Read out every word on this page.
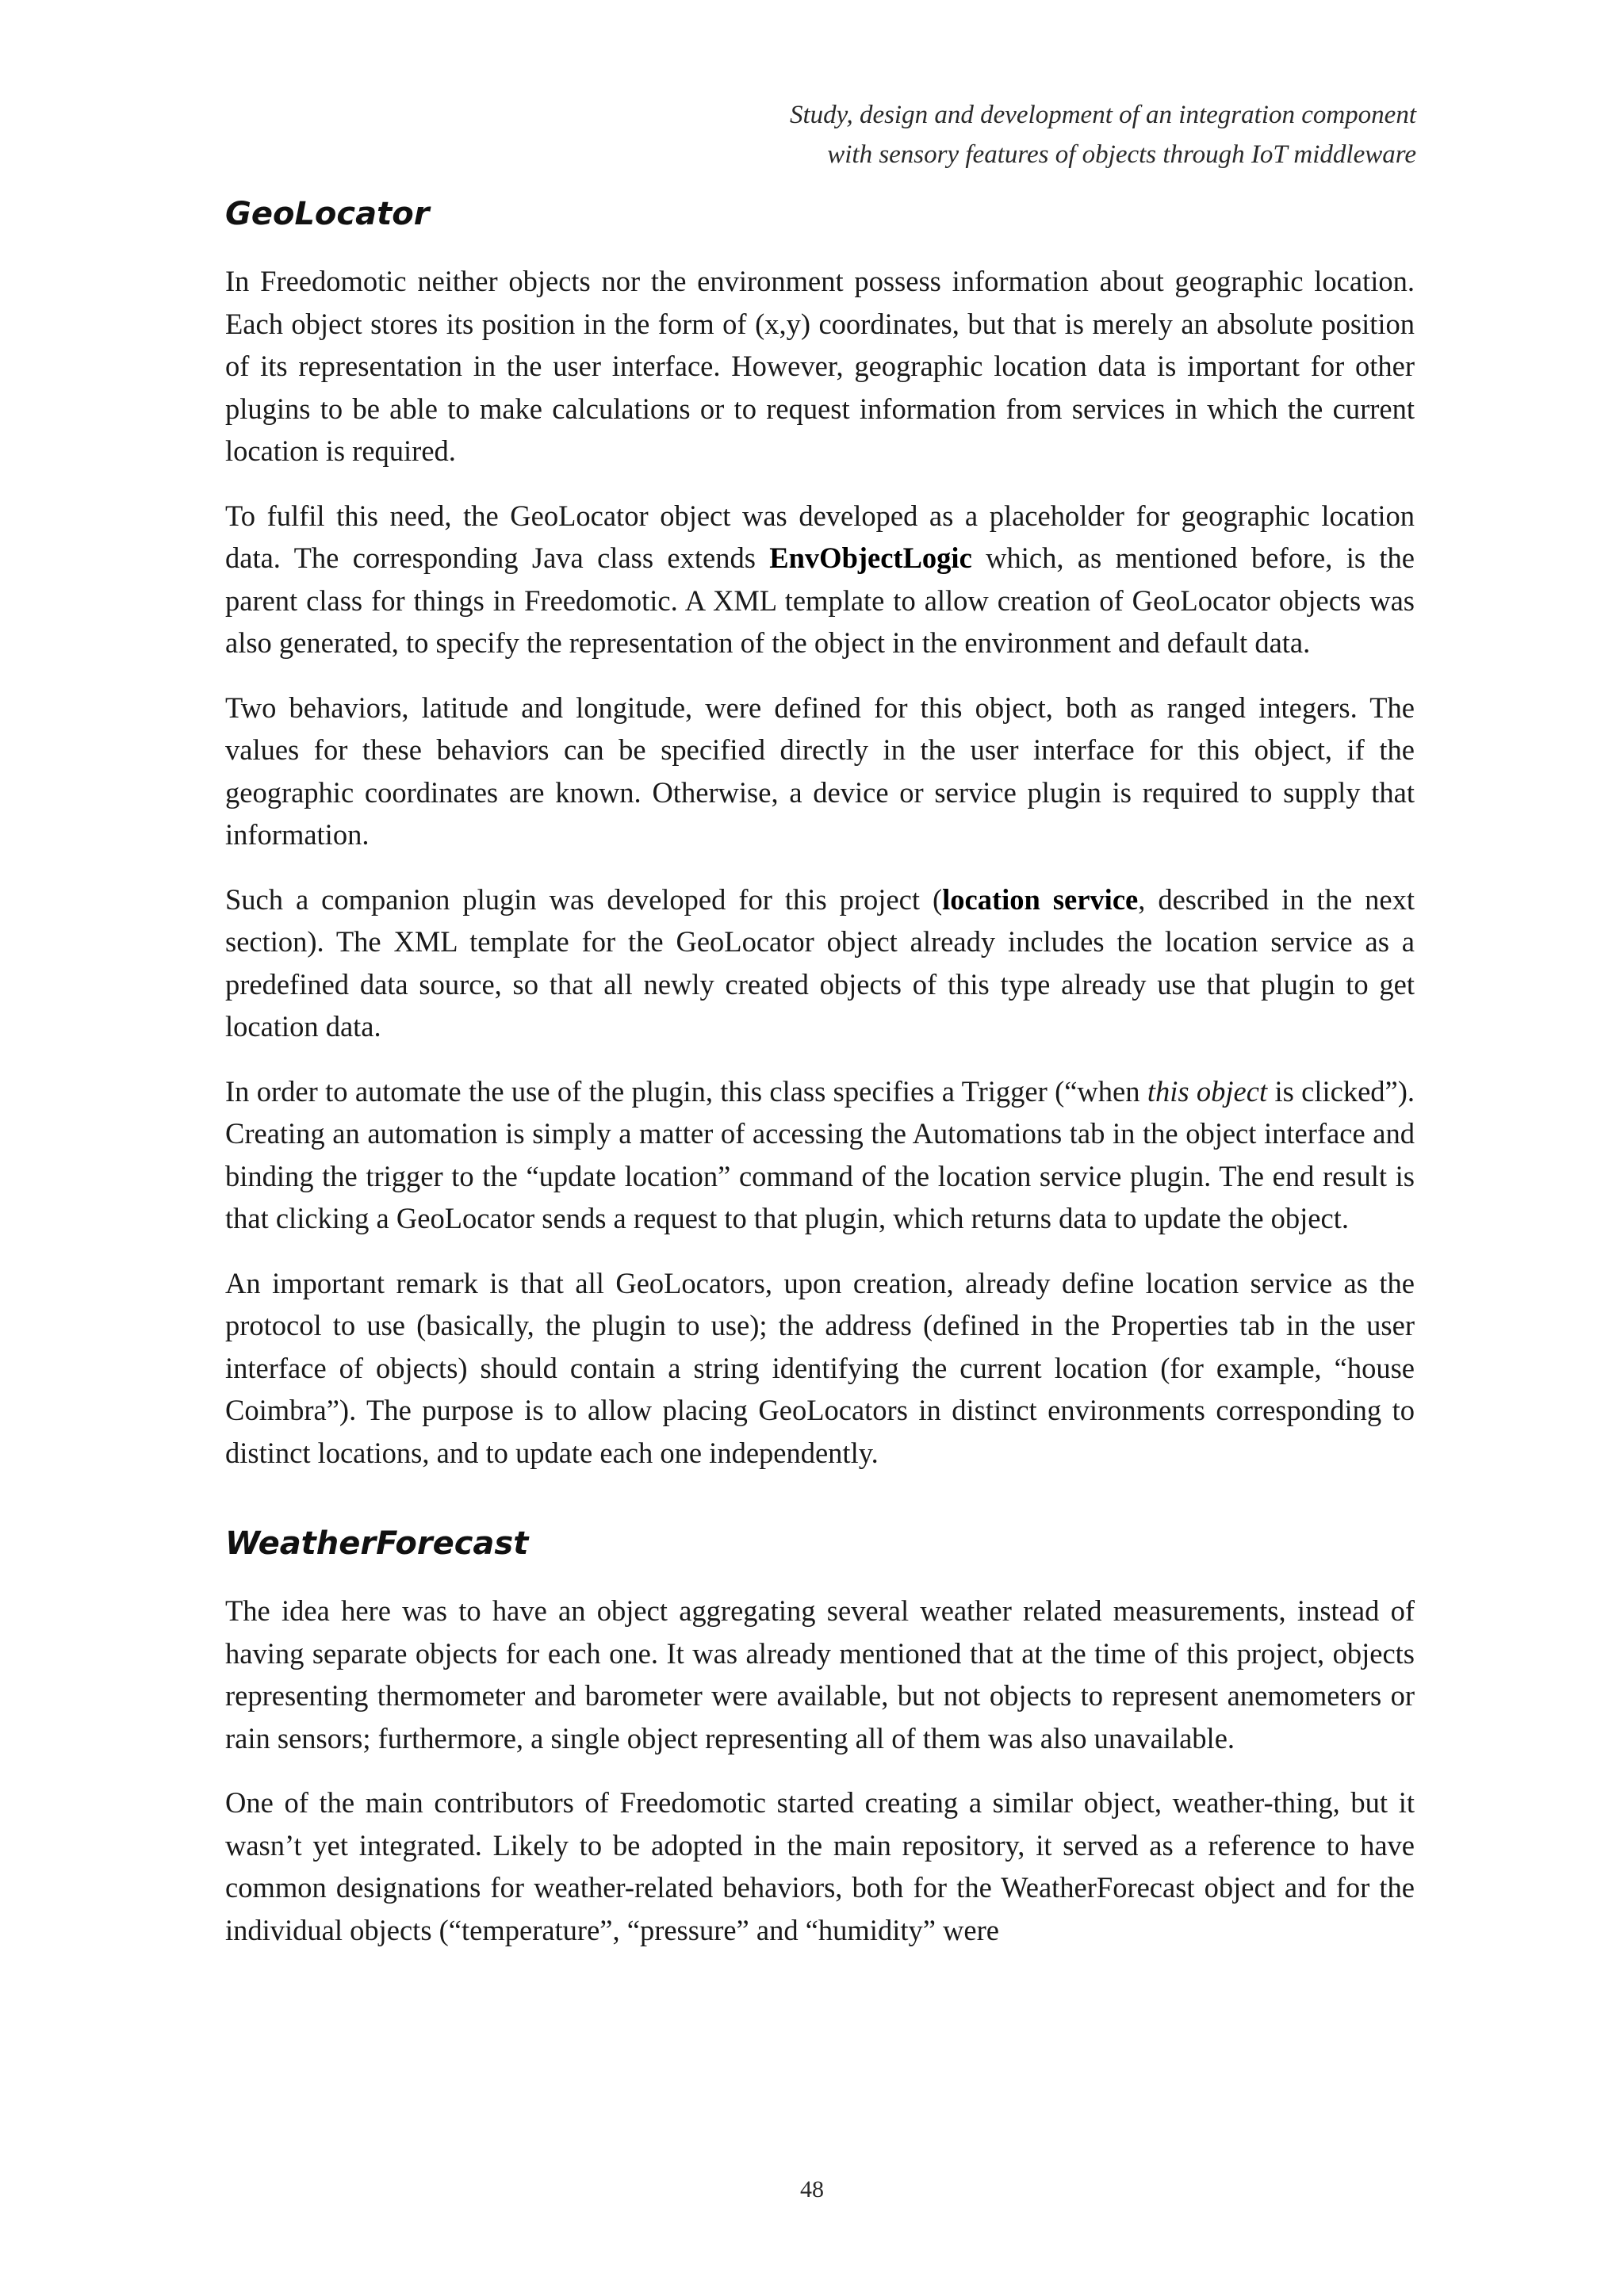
Study, design and development of an integration component
with sensory features of objects through IoT middleware
GeoLocator

In Freedomotic neither objects nor the environment possess information about geographic location. Each object stores its position in the form of (x,y) coordinates, but that is merely an absolute position of its representation in the user interface. However, geographic location data is important for other plugins to be able to make calculations or to request information from services in which the current location is required.

To fulfil this need, the GeoLocator object was developed as a placeholder for geographic location data. The corresponding Java class extends EnvObjectLogic which, as mentioned before, is the parent class for things in Freedomotic. A XML template to allow creation of GeoLocator objects was also generated, to specify the representation of the object in the environment and default data.

Two behaviors, latitude and longitude, were defined for this object, both as ranged integers. The values for these behaviors can be specified directly in the user interface for this object, if the geographic coordinates are known. Otherwise, a device or service plugin is required to supply that information.

Such a companion plugin was developed for this project (location service, described in the next section). The XML template for the GeoLocator object already includes the location service as a predefined data source, so that all newly created objects of this type already use that plugin to get location data.

In order to automate the use of the plugin, this class specifies a Trigger (“when this object is clicked”). Creating an automation is simply a matter of accessing the Automations tab in the object interface and binding the trigger to the “update location” command of the location service plugin. The end result is that clicking a GeoLocator sends a request to that plugin, which returns data to update the object.

An important remark is that all GeoLocators, upon creation, already define location service as the protocol to use (basically, the plugin to use); the address (defined in the Properties tab in the user interface of objects) should contain a string identifying the current location (for example, “house Coimbra”). The purpose is to allow placing GeoLocators in distinct environments corresponding to distinct locations, and to update each one independently.

WeatherForecast

The idea here was to have an object aggregating several weather related measurements, instead of having separate objects for each one. It was already mentioned that at the time of this project, objects representing thermometer and barometer were available, but not objects to represent anemometers or rain sensors; furthermore, a single object representing all of them was also unavailable.

One of the main contributors of Freedomotic started creating a similar object, weather-thing, but it wasn’t yet integrated. Likely to be adopted in the main repository, it served as a reference to have common designations for weather-related behaviors, both for the WeatherForecast object and for the individual objects (“temperature”, “pressure” and “humidity” were

48
